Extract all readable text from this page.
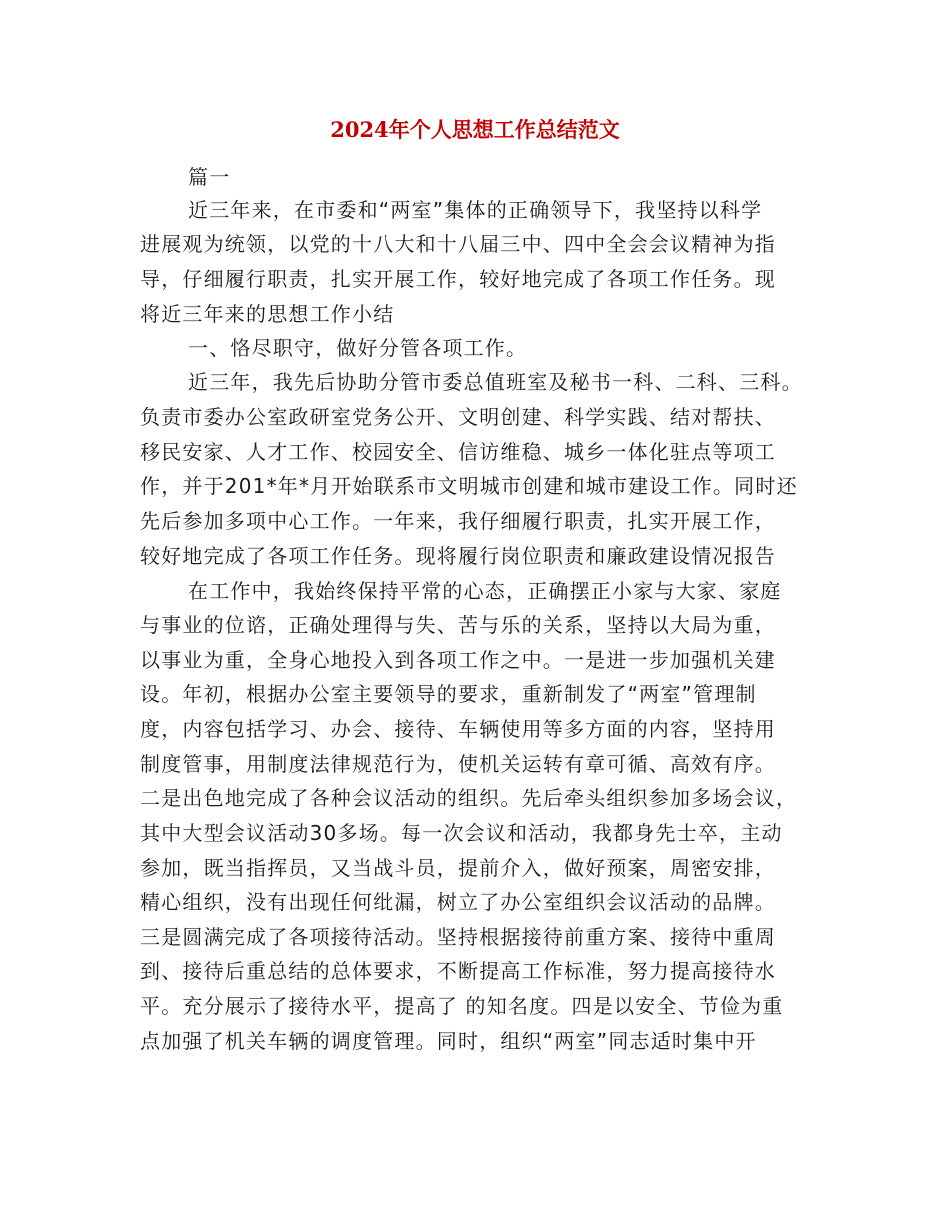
2024年个人思想工作总结范文
篇一
近三年来，在市委和“两室”集体的正确领导下，我坚持以科学
进展观为统领，以党的十八大和十八届三中、四中全会会议精神为指
导，仔细履行职责，扎实开展工作，较好地完成了各项工作任务。现
将近三年来的思想工作小结
一、恪尽职守，做好分管各项工作。
近三年，我先后协助分管市委总值班室及秘书一科、二科、三科。
负责市委办公室政研室党务公开、文明创建、科学实践、结对帮扶、
移民安家、人才工作、校园安全、信访维稳、城乡一体化驻点等项工
作，并于201*年*月开始联系市文明城市创建和城市建设工作。同时还
先后参加多项中心工作。一年来，我仔细履行职责，扎实开展工作，
较好地完成了各项工作任务。现将履行岗位职责和廉政建设情况报告
在工作中，我始终保持平常的心态，正确摆正小家与大家、家庭
与事业的位谘，正确处理得与失、苦与乐的关系，坚持以大局为重，
以事业为重，全身心地投入到各项工作之中。一是进一步加强机关建
设。年初，根据办公室主要领导的要求，重新制发了“两室”管理制
度，内容包括学习、办会、接待、车辆使用等多方面的内容，坚持用
制度管事，用制度法律规范行为，使机关运转有章可循、高效有序。
二是出色地完成了各种会议活动的组织。先后牵头组织参加多场会议，
其中大型会议活动30多场。每一次会议和活动，我都身先士卒，主动
参加，既当指挥员，又当战斗员，提前介入，做好预案，周密安排，
精心组织，没有出现任何纰漏，树立了办公室组织会议活动的品牌。
三是圆满完成了各项接待活动。坚持根据接待前重方案、接待中重周
到、接待后重总结的总体要求，不断提高工作标准，努力提高接待水
平。充分展示了接待水平，提高了 的知名度。四是以安全、节俭为重
点加强了机关车辆的调度管理。同时，组织“两室”同志适时集中开
